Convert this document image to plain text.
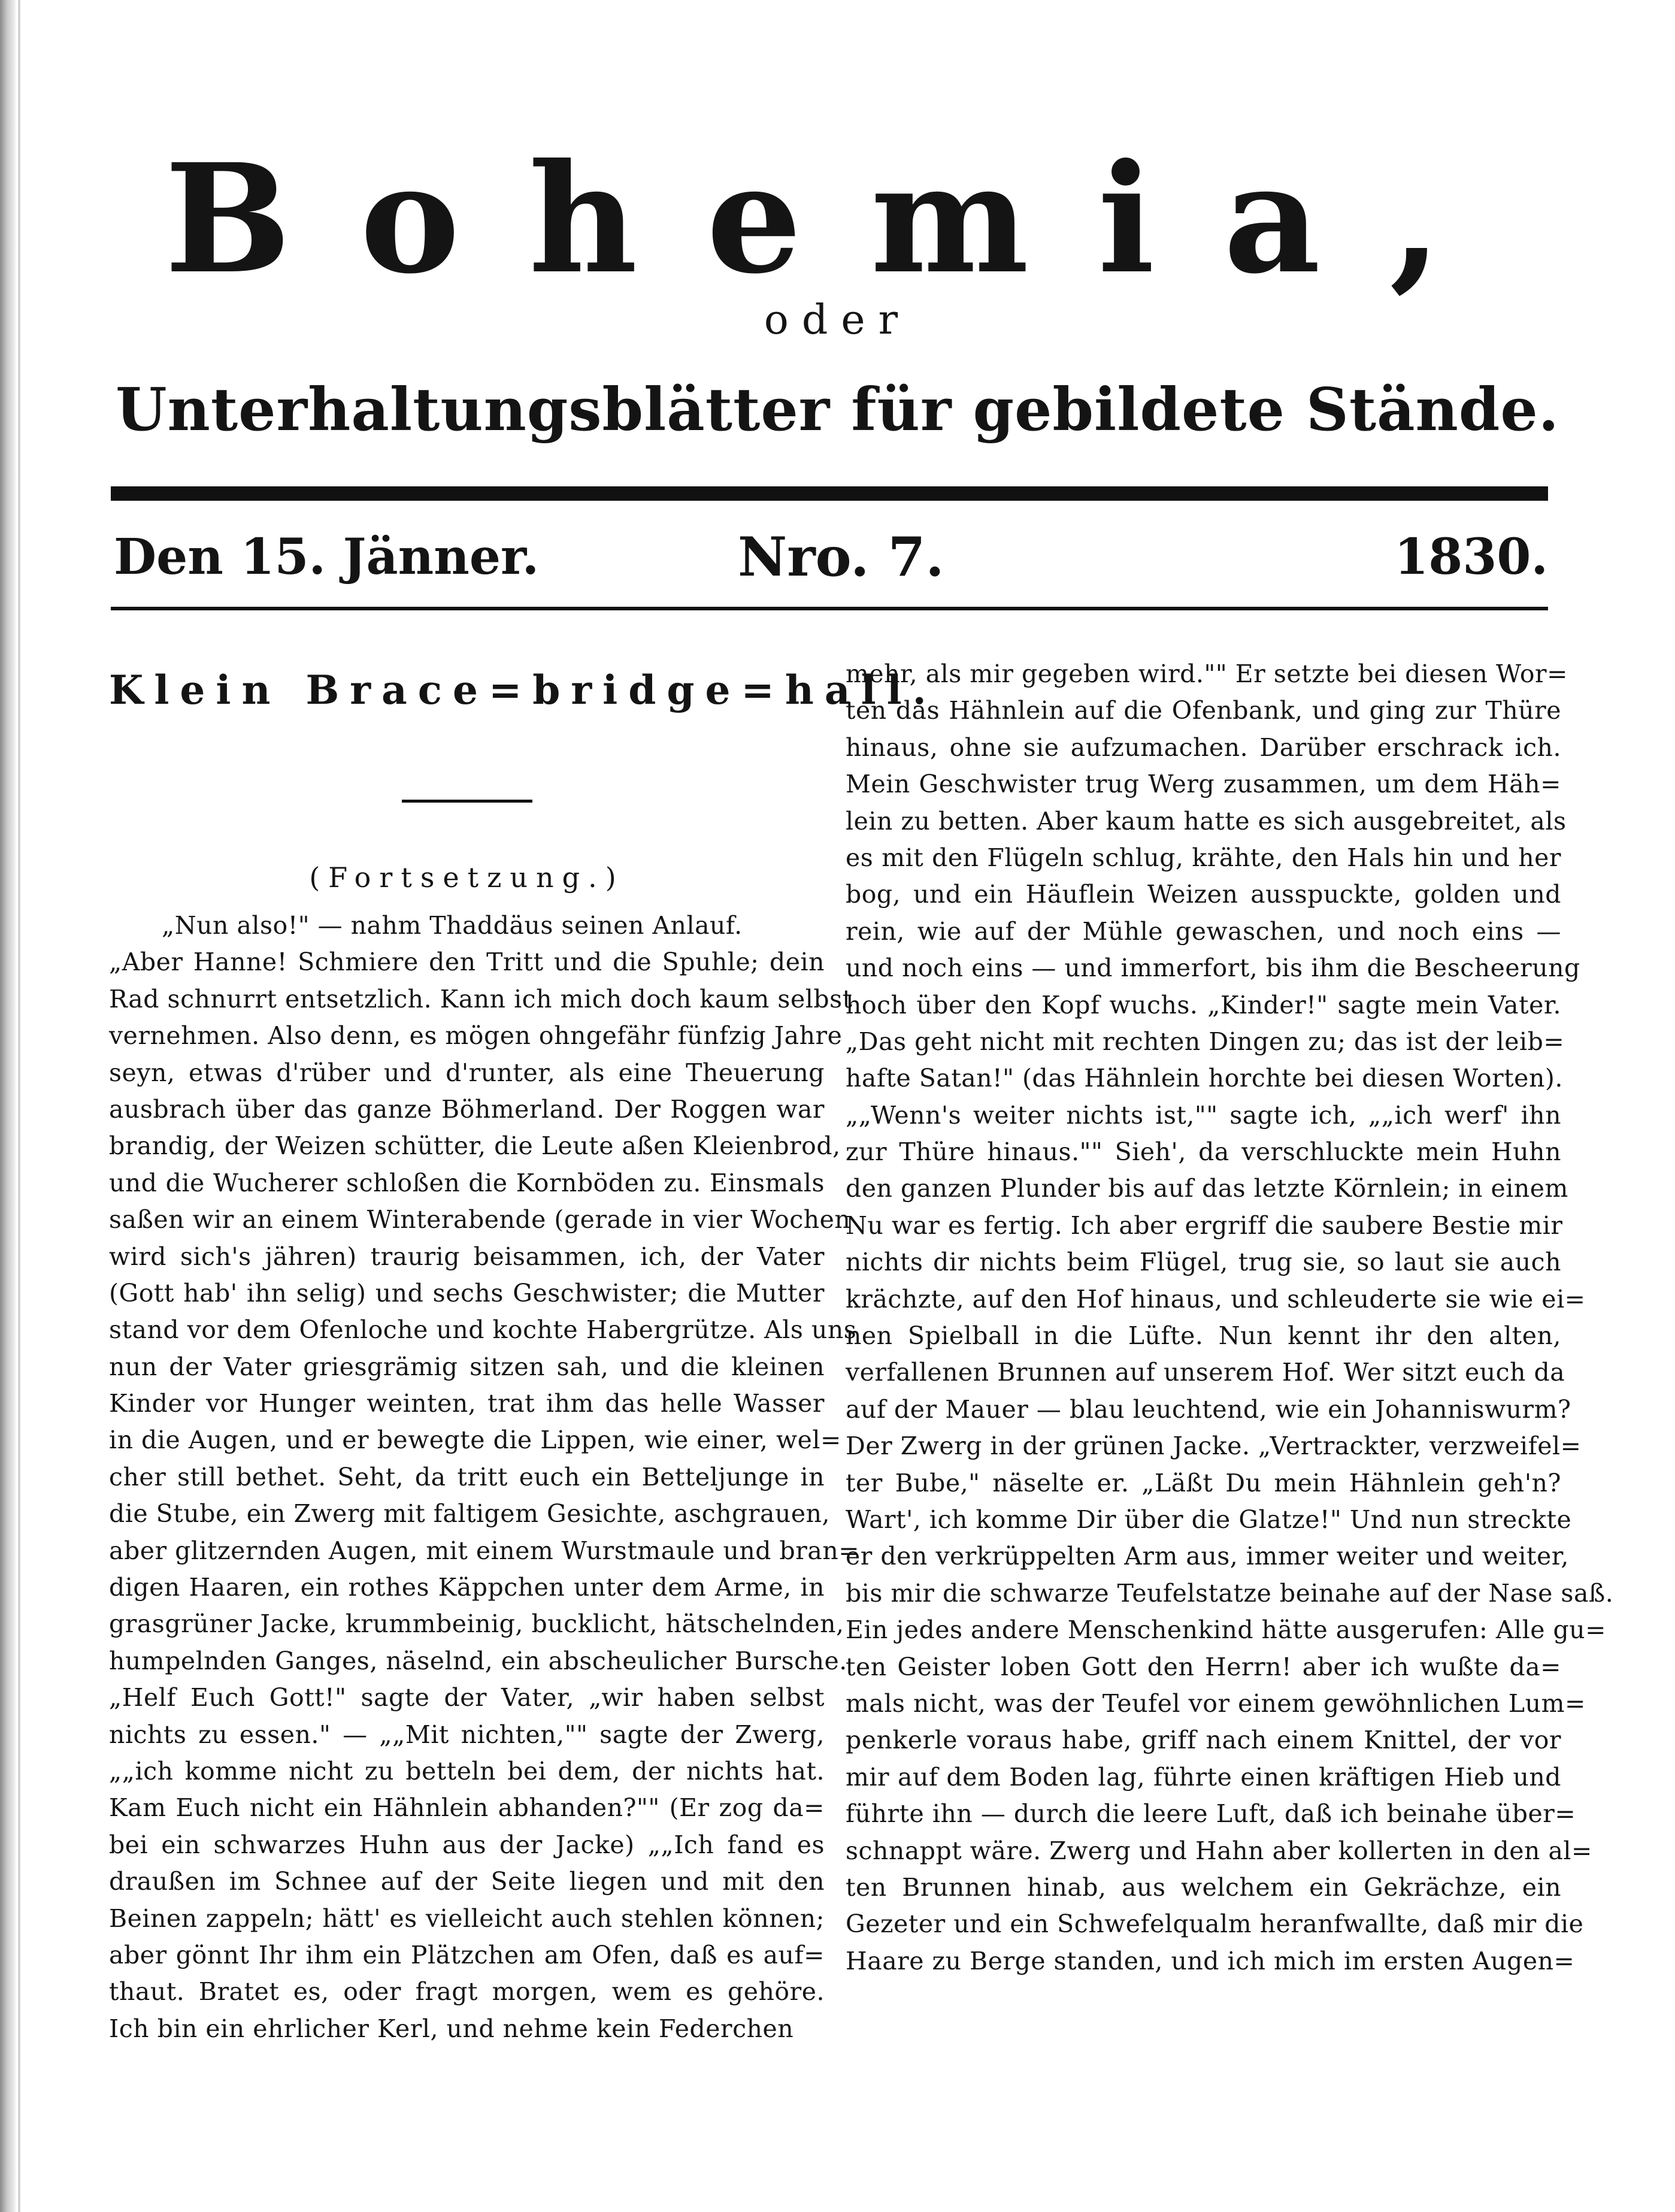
Bohemia,
oder
Unterhaltungsblätter für gebildete Stände.
Den 15. Jänner.	Nro. 7.	1830.
Klein Brace=bridge=hall.
(Fortsetzung.)
„Nun also!" — nahm Thaddäus seinen Anlauf.
„Aber Hanne! Schmiere den Tritt und die Spuhle; dein
Rad schnurrt entsetzlich. Kann ich mich doch kaum selbst
vernehmen. Also denn, es mögen ohngefähr fünfzig Jahre
seyn, etwas d'rüber und d'runter, als eine Theuerung
ausbrach über das ganze Böhmerland. Der Roggen war
brandig, der Weizen schütter, die Leute aßen Kleienbrod,
und die Wucherer schloßen die Kornböden zu. Einsmals
saßen wir an einem Winterabende (gerade in vier Wochen
wird sich's jähren) traurig beisammen, ich, der Vater
(Gott hab' ihn selig) und sechs Geschwister; die Mutter
stand vor dem Ofenloche und kochte Habergrütze. Als uns
nun der Vater griesgrämig sitzen sah, und die kleinen
Kinder vor Hunger weinten, trat ihm das helle Wasser
in die Augen, und er bewegte die Lippen, wie einer, wel=
cher still bethet. Seht, da tritt euch ein Betteljunge in
die Stube, ein Zwerg mit faltigem Gesichte, aschgrauen,
aber glitzernden Augen, mit einem Wurstmaule und bran=
digen Haaren, ein rothes Käppchen unter dem Arme, in
grasgrüner Jacke, krummbeinig, bucklicht, hätschelnden,
humpelnden Ganges, näselnd, ein abscheulicher Bursche.
„Helf Euch Gott!" sagte der Vater, „wir haben selbst
nichts zu essen." — „„Mit nichten,"" sagte der Zwerg,
„„ich komme nicht zu betteln bei dem, der nichts hat.
Kam Euch nicht ein Hähnlein abhanden?"" (Er zog da=
bei ein schwarzes Huhn aus der Jacke) „„Ich fand es
draußen im Schnee auf der Seite liegen und mit den
Beinen zappeln; hätt' es vielleicht auch stehlen können;
aber gönnt Ihr ihm ein Plätzchen am Ofen, daß es auf=
thaut. Bratet es, oder fragt morgen, wem es gehöre.
Ich bin ein ehrlicher Kerl, und nehme kein Federchen
mehr, als mir gegeben wird."" Er setzte bei diesen Wor=
ten das Hähnlein auf die Ofenbank, und ging zur Thüre
hinaus, ohne sie aufzumachen. Darüber erschrack ich.
Mein Geschwister trug Werg zusammen, um dem Häh=
lein zu betten. Aber kaum hatte es sich ausgebreitet, als
es mit den Flügeln schlug, krähte, den Hals hin und her
bog, und ein Häuflein Weizen ausspuckte, golden und
rein, wie auf der Mühle gewaschen, und noch eins —
und noch eins — und immerfort, bis ihm die Bescheerung
hoch über den Kopf wuchs. „Kinder!" sagte mein Vater.
„Das geht nicht mit rechten Dingen zu; das ist der leib=
hafte Satan!" (das Hähnlein horchte bei diesen Worten).
„„Wenn's weiter nichts ist,"" sagte ich, „„ich werf' ihn
zur Thüre hinaus."" Sieh', da verschluckte mein Huhn
den ganzen Plunder bis auf das letzte Körnlein; in einem
Nu war es fertig. Ich aber ergriff die saubere Bestie mir
nichts dir nichts beim Flügel, trug sie, so laut sie auch
krächzte, auf den Hof hinaus, und schleuderte sie wie ei=
nen Spielball in die Lüfte. Nun kennt ihr den alten,
verfallenen Brunnen auf unserem Hof. Wer sitzt euch da
auf der Mauer — blau leuchtend, wie ein Johanniswurm?
Der Zwerg in der grünen Jacke. „Vertrackter, verzweifel=
ter Bube," näselte er. „Läßt Du mein Hähnlein geh'n?
Wart', ich komme Dir über die Glatze!" Und nun streckte
er den verkrüppelten Arm aus, immer weiter und weiter,
bis mir die schwarze Teufelstatze beinahe auf der Nase saß.
Ein jedes andere Menschenkind hätte ausgerufen: Alle gu=
ten Geister loben Gott den Herrn! aber ich wußte da=
mals nicht, was der Teufel vor einem gewöhnlichen Lum=
penkerle voraus habe, griff nach einem Knittel, der vor
mir auf dem Boden lag, führte einen kräftigen Hieb und
führte ihn — durch die leere Luft, daß ich beinahe über=
schnappt wäre. Zwerg und Hahn aber kollerten in den al=
ten Brunnen hinab, aus welchem ein Gekrächze, ein
Gezeter und ein Schwefelqualm heranfwallte, daß mir die
Haare zu Berge standen, und ich mich im ersten Augen=
